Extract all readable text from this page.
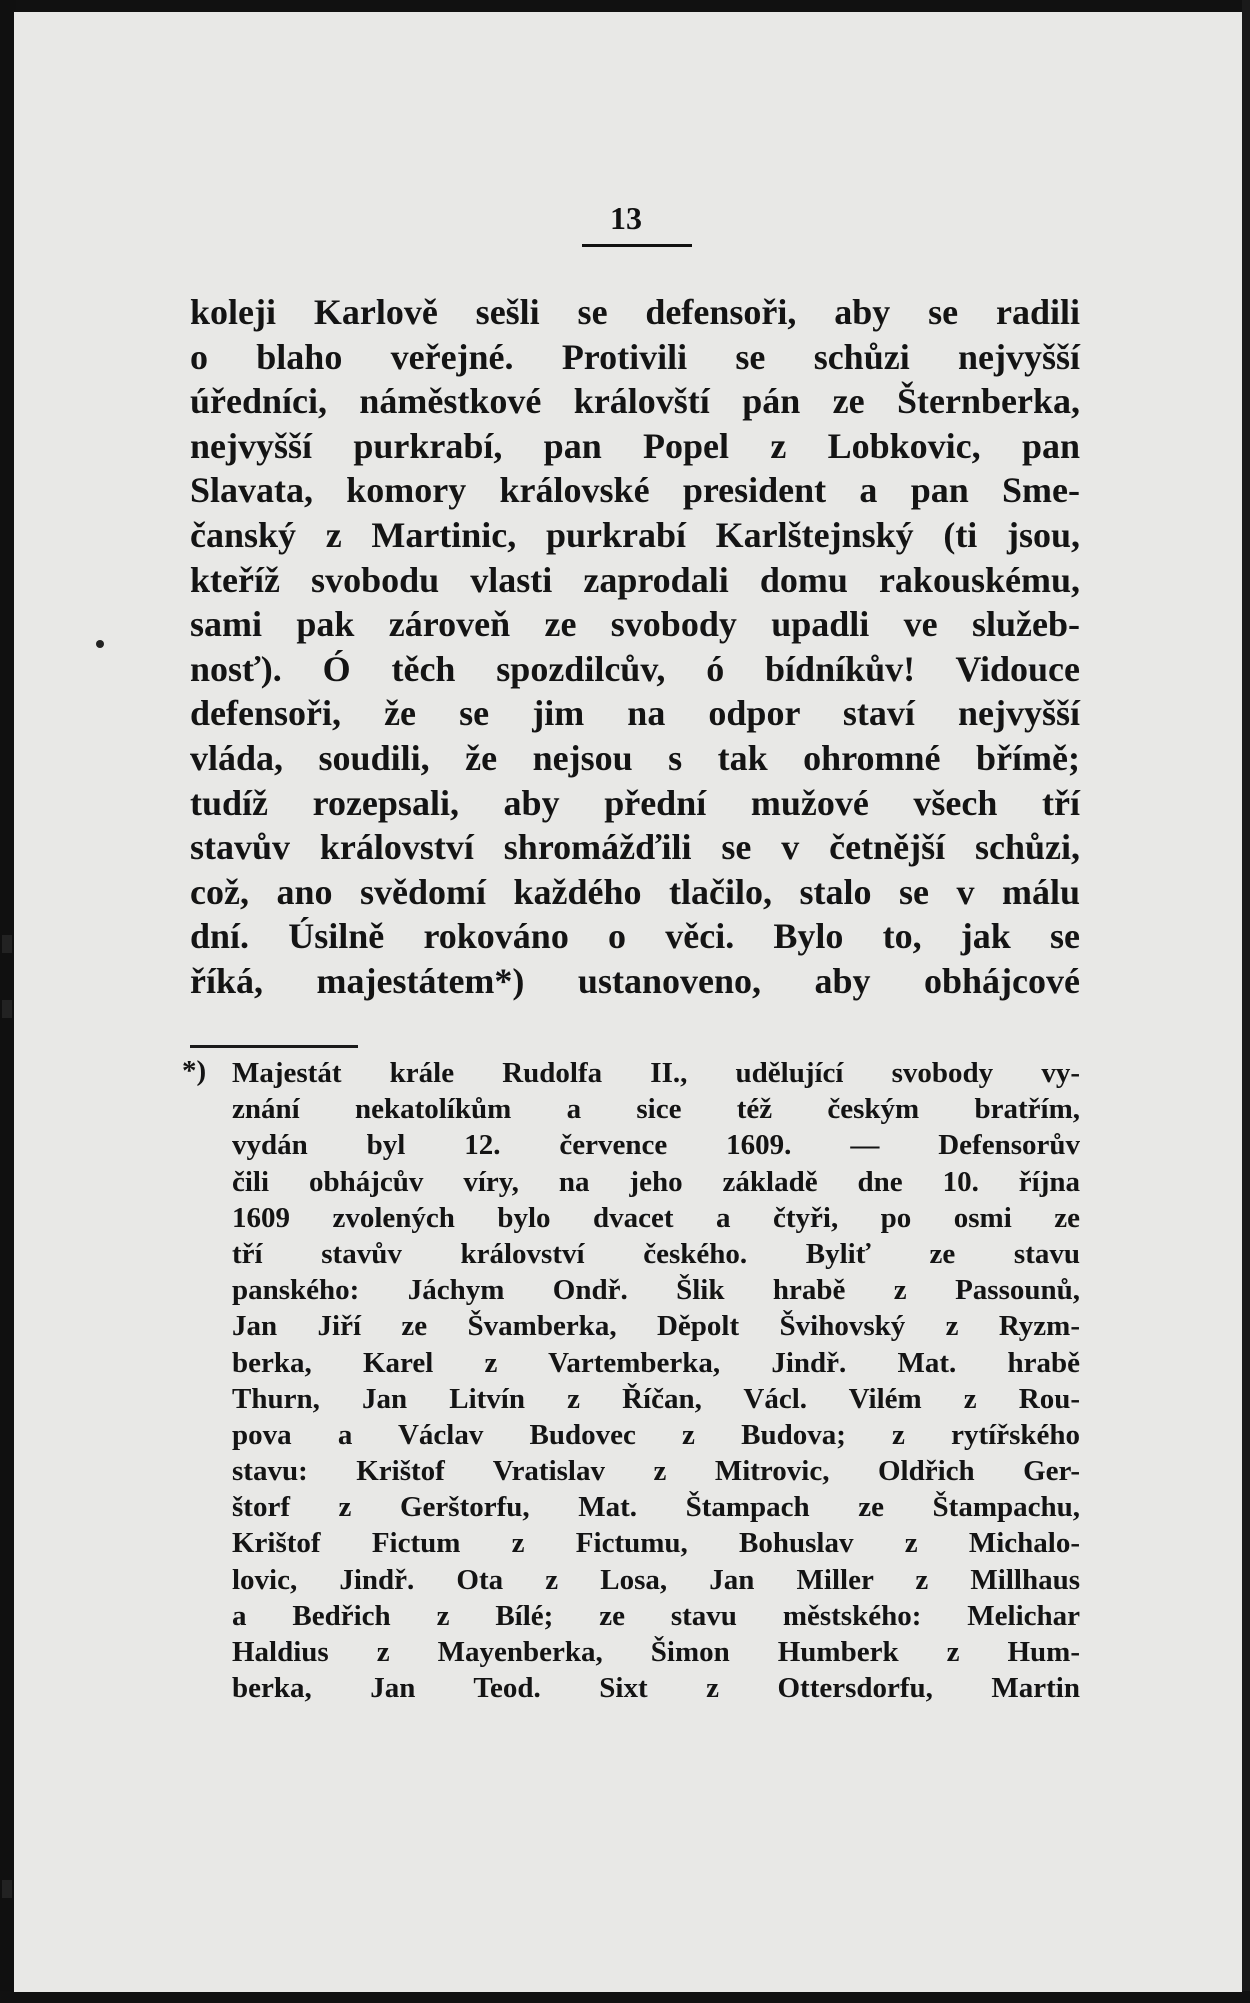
13
koleji Karlově sešli se defensoři, aby se radili
o blaho veřejné. Protivili se schůzi nejvyšší
úředníci, náměstkové královští pán ze Šternberka,
nejvyšší purkrabí, pan Popel z Lobkovic, pan
Slavata, komory královské president a pan Sme-
čanský z Martinic, purkrabí Karlštejnský (ti jsou,
kteříž svobodu vlasti zaprodali domu rakouskému,
sami pak zároveň ze svobody upadli ve služeb-
nosť). Ó těch spozdilcův, ó bídníkův! Vidouce
defensoři, že se jim na odpor staví nejvyšší
vláda, soudili, že nejsou s tak ohromné břímě;
tudíž rozepsali, aby přední mužové všech tří
stavův království shromážďili se v četnější schůzi,
což, ano svědomí každého tlačilo, stalo se v málu
dní. Úsilně rokováno o věci. Bylo to, jak se
říká, majestátem*) ustanoveno, aby obhájcové
*) Majestát krále Rudolfa II., udělující svobody vy-
znání nekatolíkům a sice též českým bratřím,
vydán byl 12. července 1609. — Defensorův
čili obhájcův víry, na jeho základě dne 10. října
1609 zvolených bylo dvacet a čtyři, po osmi ze
tří stavův království českého. Byliť ze stavu
panského: Jáchym Ondř. Šlik hrabě z Passounů,
Jan Jiří ze Švamberka, Děpolt Švihovský z Ryzm-
berka, Karel z Vartemberka, Jindř. Mat. hrabě
Thurn, Jan Litvín z Říčan, Václ. Vilém z Rou-
pova a Václav Budovec z Budova; z rytířského
stavu: Krištof Vratislav z Mitrovic, Oldřich Ger-
štorf z Gerštorfu, Mat. Štampach ze Štampachu,
Krištof Fictum z Fictumu, Bohuslav z Michalo-
lovic, Jindř. Ota z Losa, Jan Miller z Millhaus
a Bedřich z Bílé; ze stavu městského: Melichar
Haldius z Mayenberka, Šimon Humberk z Hum-
berka, Jan Teod. Sixt z Ottersdorfu, Martin
